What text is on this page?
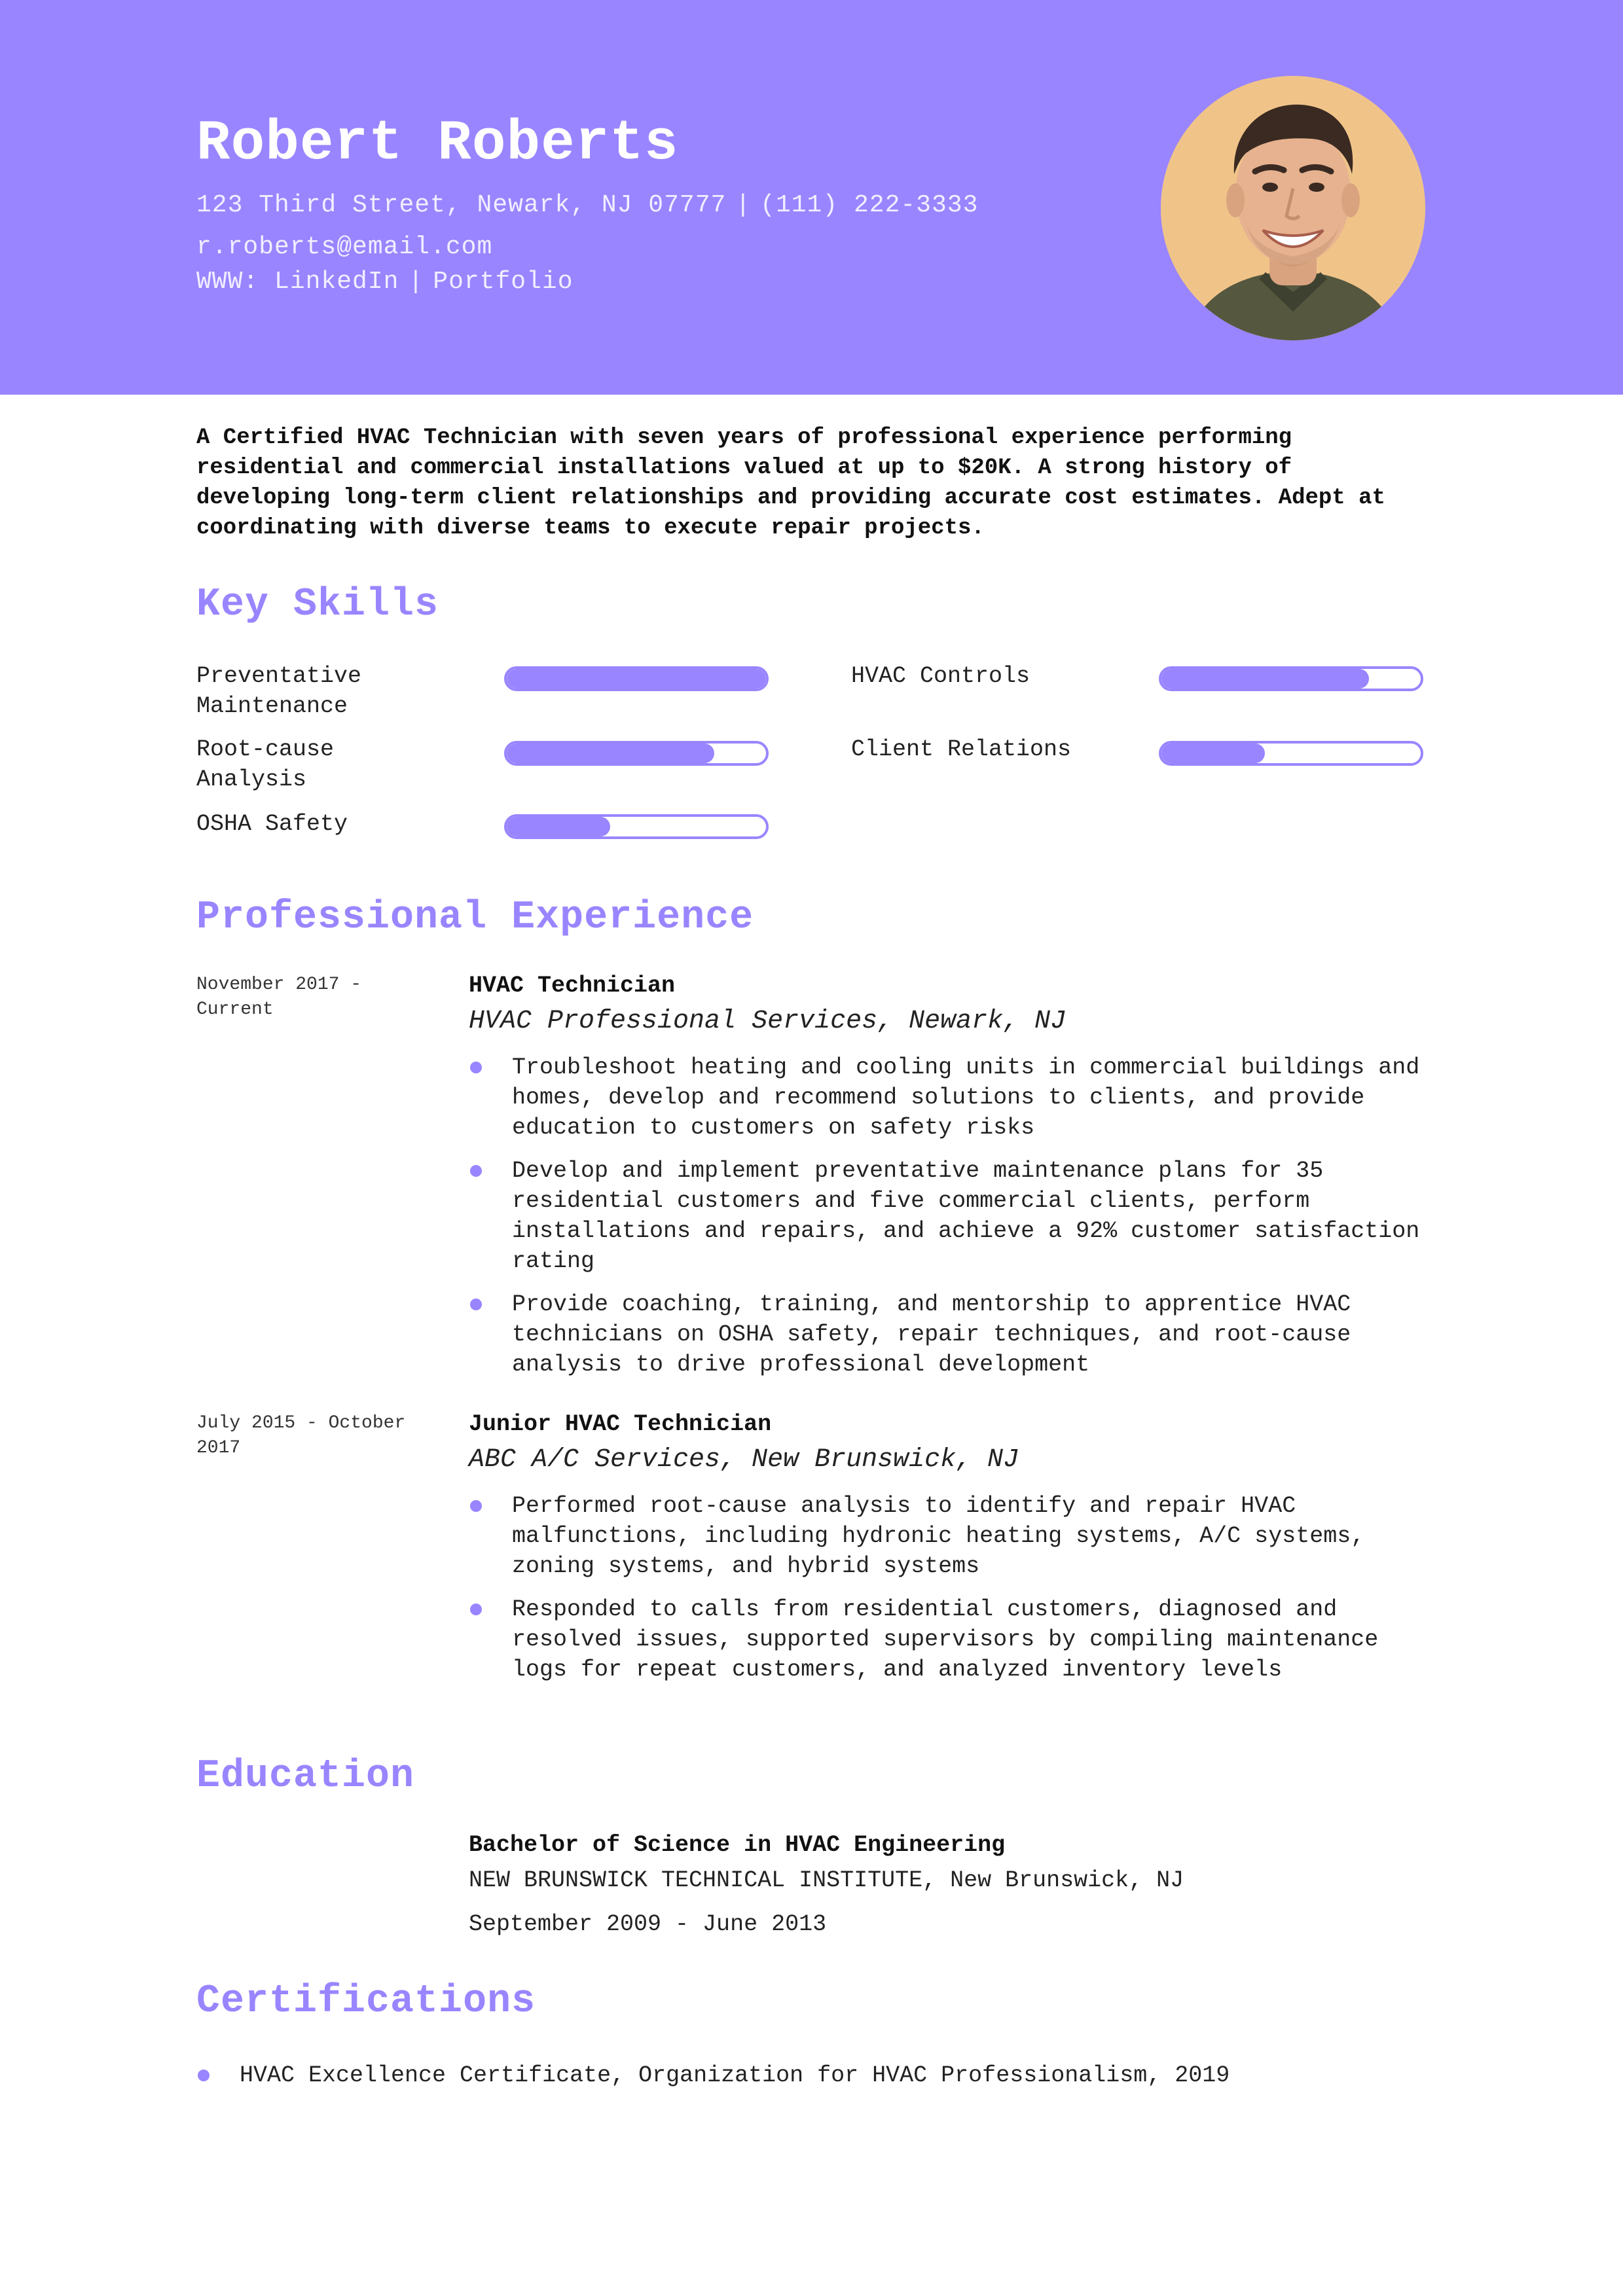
Robert Roberts
123 Third Street, Newark, NJ 07777 | (111) 222-3333
r.roberts@email.com
WWW: LinkedIn | Portfolio
A Certified HVAC Technician with seven years of professional experience performing residential and commercial installations valued at up to $20K. A strong history of developing long-term client relationships and providing accurate cost estimates. Adept at coordinating with diverse teams to execute repair projects.
Key Skills
Preventative Maintenance
HVAC Controls
Root-cause Analysis
Client Relations
OSHA Safety
Professional Experience
November 2017 - Current
HVAC Technician
HVAC Professional Services, Newark, NJ
Troubleshoot heating and cooling units in commercial buildings and homes, develop and recommend solutions to clients, and provide education to customers on safety risks
Develop and implement preventative maintenance plans for 35 residential customers and five commercial clients, perform installations and repairs, and achieve a 92% customer satisfaction rating
Provide coaching, training, and mentorship to apprentice HVAC technicians on OSHA safety, repair techniques, and root-cause analysis to drive professional development
July 2015 - October 2017
Junior HVAC Technician
ABC A/C Services, New Brunswick, NJ
Performed root-cause analysis to identify and repair HVAC malfunctions, including hydronic heating systems, A/C systems, zoning systems, and hybrid systems
Responded to calls from residential customers, diagnosed and resolved issues, supported supervisors by compiling maintenance logs for repeat customers, and analyzed inventory levels
Education
Bachelor of Science in HVAC Engineering
NEW BRUNSWICK TECHNICAL INSTITUTE, New Brunswick, NJ
September 2009 - June 2013
Certifications
HVAC Excellence Certificate, Organization for HVAC Professionalism, 2019
